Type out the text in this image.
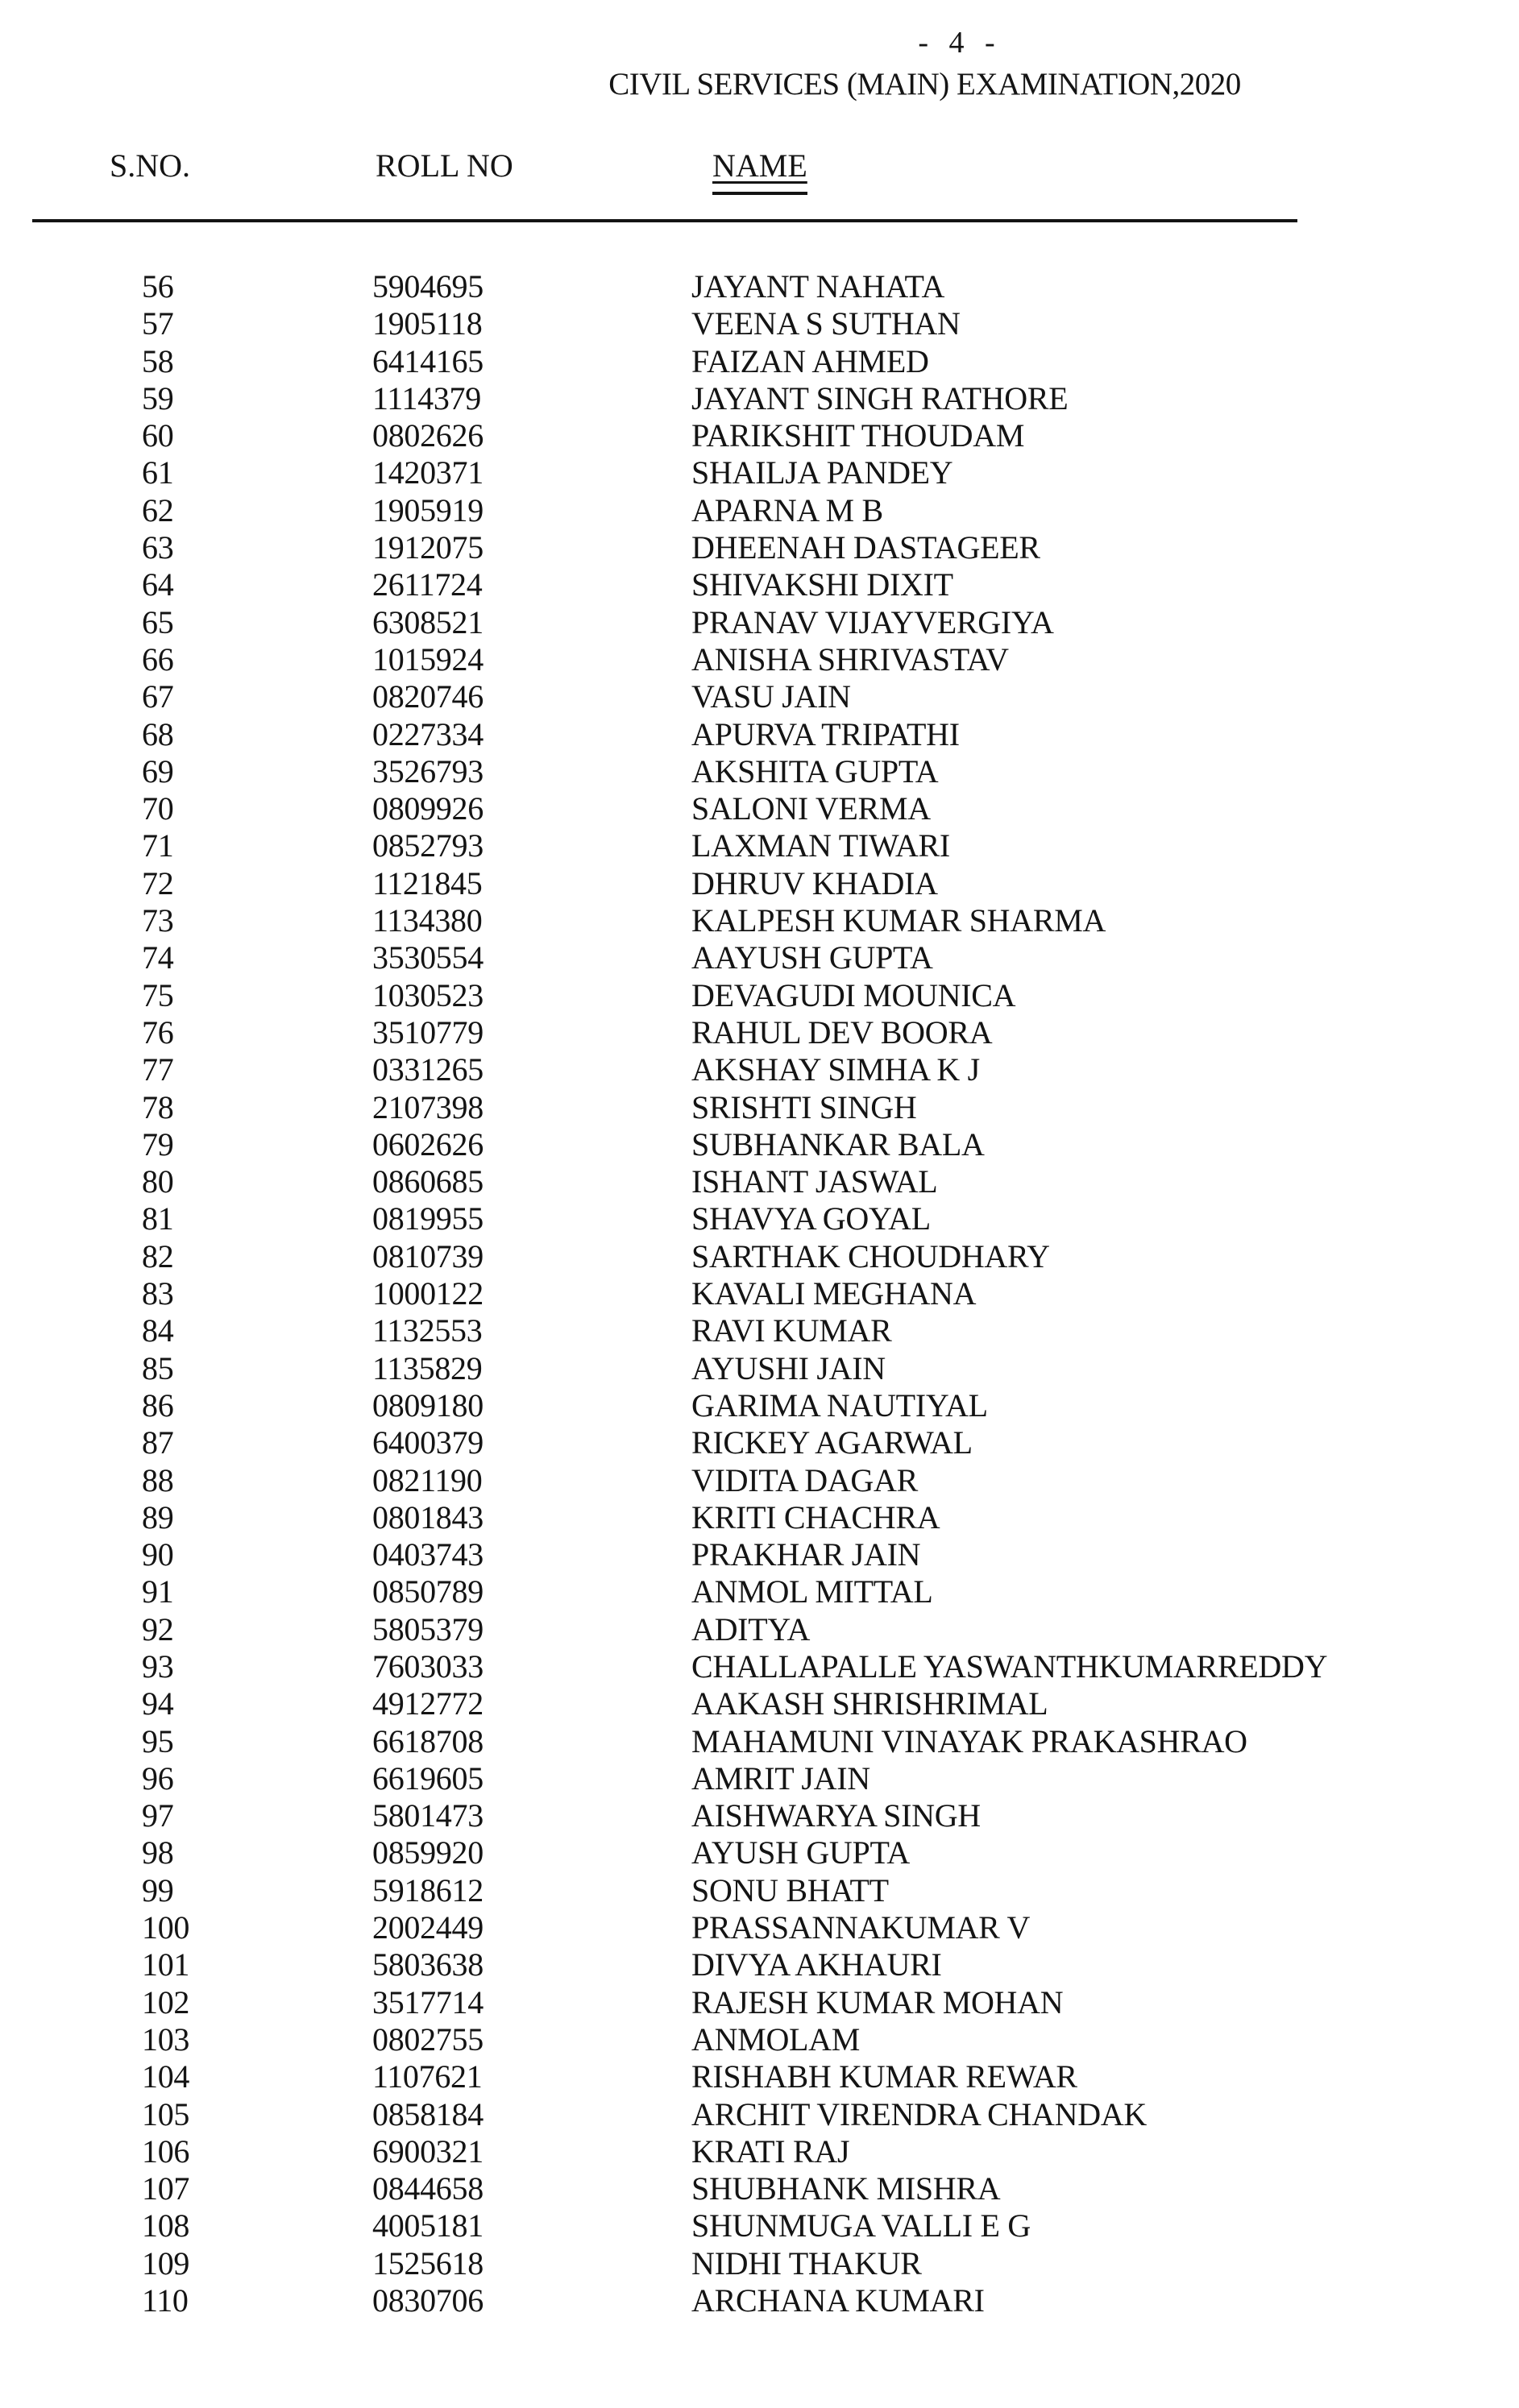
- 4 -
CIVIL SERVICES (MAIN) EXAMINATION,2020
S.NO.	ROLL NO	NAME
56	5904695	JAYANT NAHATA
57	1905118	VEENA S SUTHAN
58	6414165	FAIZAN AHMED
59	1114379	JAYANT SINGH RATHORE
60	0802626	PARIKSHIT THOUDAM
61	1420371	SHAILJA PANDEY
62	1905919	APARNA M B
63	1912075	DHEENAH DASTAGEER
64	2611724	SHIVAKSHI DIXIT
65	6308521	PRANAV VIJAYVERGIYA
66	1015924	ANISHA SHRIVASTAV
67	0820746	VASU JAIN
68	0227334	APURVA TRIPATHI
69	3526793	AKSHITA GUPTA
70	0809926	SALONI VERMA
71	0852793	LAXMAN TIWARI
72	1121845	DHRUV KHADIA
73	1134380	KALPESH KUMAR SHARMA
74	3530554	AAYUSH GUPTA
75	1030523	DEVAGUDI MOUNICA
76	3510779	RAHUL DEV BOORA
77	0331265	AKSHAY SIMHA K J
78	2107398	SRISHTI SINGH
79	0602626	SUBHANKAR BALA
80	0860685	ISHANT JASWAL
81	0819955	SHAVYA GOYAL
82	0810739	SARTHAK CHOUDHARY
83	1000122	KAVALI MEGHANA
84	1132553	RAVI KUMAR
85	1135829	AYUSHI JAIN
86	0809180	GARIMA NAUTIYAL
87	6400379	RICKEY AGARWAL
88	0821190	VIDITA DAGAR
89	0801843	KRITI CHACHRA
90	0403743	PRAKHAR JAIN
91	0850789	ANMOL MITTAL
92	5805379	ADITYA
93	7603033	CHALLAPALLE YASWANTHKUMARREDDY
94	4912772	AAKASH SHRISHRIMAL
95	6618708	MAHAMUNI VINAYAK PRAKASHRAO
96	6619605	AMRIT JAIN
97	5801473	AISHWARYA SINGH
98	0859920	AYUSH GUPTA
99	5918612	SONU BHATT
100	2002449	PRASSANNAKUMAR V
101	5803638	DIVYA AKHAURI
102	3517714	RAJESH KUMAR MOHAN
103	0802755	ANMOLAM
104	1107621	RISHABH KUMAR REWAR
105	0858184	ARCHIT VIRENDRA CHANDAK
106	6900321	KRATI RAJ
107	0844658	SHUBHANK MISHRA
108	4005181	SHUNMUGA VALLI E G
109	1525618	NIDHI THAKUR
110	0830706	ARCHANA KUMARI
